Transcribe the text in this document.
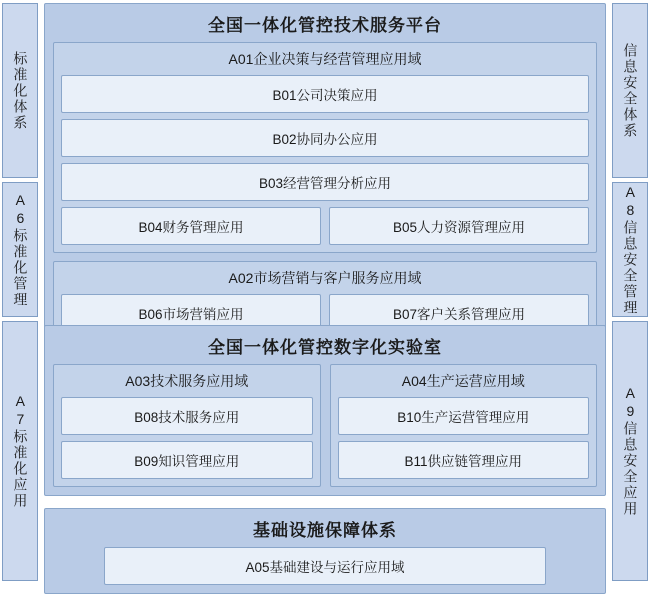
标准化体系
A6标准化管理
A7标准化应用
信息安全体系
A8信息安全管理
A9信息安全应用
全国一体化管控技术服务平台
A01企业决策与经营管理应用域
B01公司决策应用
B02协同办公应用
B03经营管理分析应用
B04财务管理应用	B05人力资源管理应用
A02市场营销与客户服务应用域
B06市场营销应用	B07客户关系管理应用
全国一体化管控数字化实验室
A03技术服务应用域
B08技术服务应用
B09知识管理应用
A04生产运营应用域
B10生产运营管理应用
B11供应链管理应用
基础设施保障体系
A05基础建设与运行应用域
